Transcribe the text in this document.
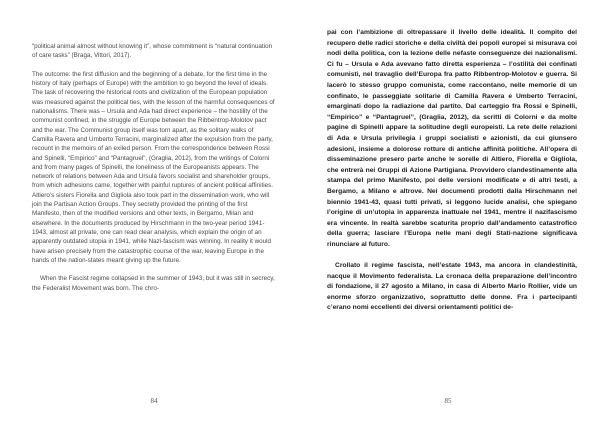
“political animal almost without knowing it”, whose commitment is “natural continuation of care tasks” (Braga, Vittori, 2017).

The outcome: the first diffusion and the beginning of a debate, for the first time in the history of Italy (perhaps of Europe) with the ambition to go beyond the level of ideals. The task of recovering the historical roots and civilization of the European population was measured against the political ties, with the lesson of the harmful consequences of nationalisms. There was – Ursula and Ada had direct experience – the hostility of the communist confined, in the struggle of Europe between the Ribbentrop-Molotov pact and the war. The Communist group itself was torn apart, as the solitary walks of Camilla Ravera and Umberto Terracini, marginalized after the expulsion from the party, recount in the memoirs of an exiled person. From the correspondence between Rossi and Spinelli, “Empirico” and “Pantagruel”, (Graglia, 2012), from the writings of Colorni and from many pages of Spinelli, the loneliness of the Europeanists appears. The network of relations between Ada and Ursula favors socialist and shareholder groups, from which adhesions came, together with painful ruptures of ancient political affinities. Altiero’s sisters Fiorella and Gigliola also took part in the dissemination work, who will join the Partisan Action Groups. They secretly provided the printing of the first Manifesto, then of the modified versions and other texts, in Bergamo, Milan and elsewhere. In the documents produced by Hirschmann in the two-year period 1941-1943, almost all private, one can read clear analysis, which explain the origin of an apparently outdated utopia in 1941, while Nazi-fascism was winning. In reality it would have arisen precisely from the catastrophic course of the war, leaving Europe in the hands of the nation-states meant giving up the future.

When the Fascist regime collapsed in the summer of 1943, but it was still in secrecy, the Federalist Movement was born. The chro-

84

pai con l’ambizione di oltrepassare il livello delle idealità. Il compito del recupero delle radici storiche e della civiltà dei popoli europei si misurava coi nodi della politica, con la lezione delle nefaste conseguenze dei nazionalismi. Ci fu – Ursula e Ada avevano fatto diretta esperienza – l’ostilità dei confinati comunisti, nel travaglio dell’Europa fra patto Ribbentrop-Molotov e guerra. Si lacerò lo stesso gruppo comunista, come raccontano, nelle memorie di un confinato, le passeggiate solitarie di Camilla Ravera e Umberto Terracini, emarginati dopo la radiazione dal partito. Dal carteggio fra Rossi e Spinelli, “Empirico” e “Pantagruel”, (Graglia, 2012), da scritti di Colorni e da molte pagine di Spinelli appare la solitudine degli europeisti. La rete delle relazioni di Ada e Ursula privilegia i gruppi socialisti e azionisti, da cui giunsero adesioni, insieme a dolorose rotture di antiche affinità politiche. All’opera di disseminazione presero parte anche le sorelle di Altiero, Fiorella e Gigliola, che entrerà nei Gruppi di Azione Partigiana. Provvidero clandestinamente alla stampa del primo Manifesto, poi delle versioni modificate e di altri testi, a Bergamo, a Milano e altrove. Nei documenti prodotti dalla Hirschmann nel biennio 1941-43, quasi tutti privati, si leggono lucide analisi, che spiegano l’origine di un’utopia in apparenza inattuale nel 1941, mentre il nazifascismo era vincente. In realtà sarebbe scaturita proprio dall’andamento catastrofico della guerra; lasciare l’Europa nelle mani degli Stati-nazione significava rinunciare al futuro.

Crollato il regime fascista, nell’estate 1943, ma ancora in clandestinità, nacque il Movimento federalista. La cronaca della preparazione dell’incontro di fondazione, il 27 agosto a Milano, in casa di Alberto Mario Rollier, vide un enorme sforzo organizzativo, soprattutto delle donne. Fra i partecipanti c’erano nomi eccellenti dei diversi orientamenti politici de-

85
